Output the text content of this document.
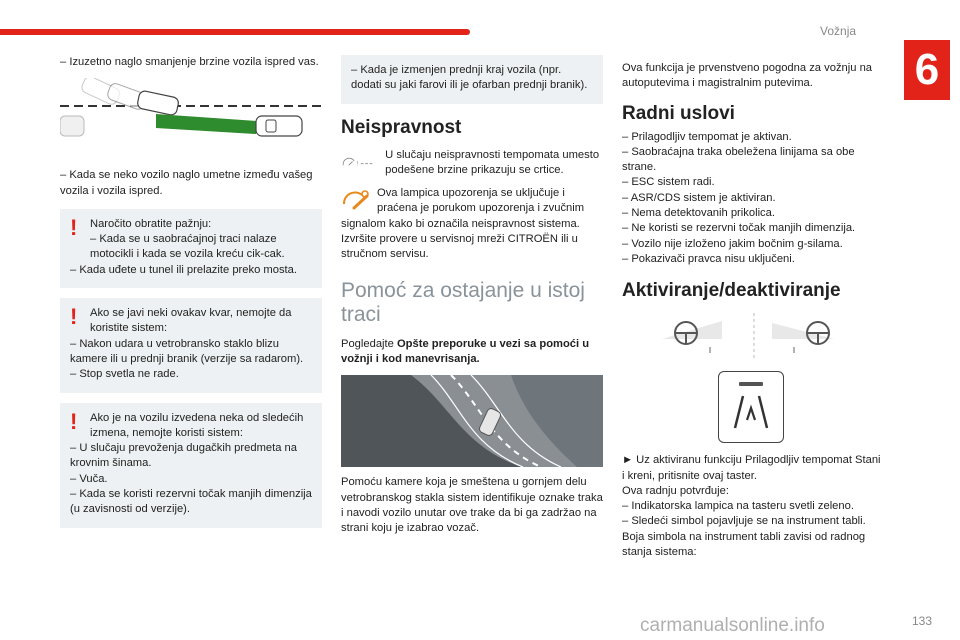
Vožnja
6

– Izuzetno naglo smanjenje brzine vozila ispred vas.

– Kada se neko vozilo naglo umetne između vašeg vozila i vozila ispred.

!	Naročito obratite pažnju:

– Kada se u saobraćajnoj traci nalaze motocikli i kada se vozila kreću cik-cak.

– Kada uđete u tunel ili prelazite preko mosta.

!	Ako se javi neki ovakav kvar, nemojte da koristite sistem:

– Nakon udara u vetrobransko staklo blizu kamere ili u prednji branik (verzije sa radarom).

– Stop svetla ne rade.

!	Ako je na vozilu izvedena neka od sledećih izmena, nemojte koristi sistem:

– U slučaju prevoženja dugačkih predmeta na krovnim šinama.

– Vuča.

– Kada se koristi rezervni točak manjih dimenzija (u zavisnosti od verzije).

– Kada je izmenjen prednji kraj vozila (npr. dodati su jaki farovi ili je ofarban prednji branik).

Neispravnost
!

U slučaju neispravnosti tempomata umesto podešene brzine prikazuju se crtice.

Ova lampica upozorenja se uključuje i praćena je porukom upozorenja i zvučnim signalom kako bi označila neispravnost sistema. Izvršite provere u servisnoj mreži CITROËN ili u stručnom servisu.

Pomoć za ostajanje u istoj traci

Pogledajte Opšte preporuke u vezi sa pomoći u vožnji i kod manevrisanja.

Pomoću kamere koja je smeštena u gornjem delu vetrobranskog stakla sistem identifikuje oznake traka i navodi vozilo unutar ove trake da bi ga zadržao na strani koju je izabrao vozač.

Ova funkcija je prvenstveno pogodna za vožnju na autoputevima i magistralnim putevima.

Radni uslovi

– Prilagodljiv tempomat je aktivan.

– Saobraćajna traka obeležena linijama sa obe strane.

– ESC sistem radi.

– ASR/CDS sistem je aktiviran.

– Nema detektovanih prikolica.

– Ne koristi se rezervni točak manjih dimenzija.

– Vozilo nije izloženo jakim bočnim g-silama.

– Pokazivači pravca nisu uključeni.

Aktiviranje/deaktiviranje

► Uz aktiviranu funkciju Prilagodljiv tempomat Stani i kreni, pritisnite ovaj taster.

Ova radnju potvrđuje:

– Indikatorska lampica na tasteru svetli zeleno.

– Sledeći simbol pojavljuje se na instrument tabli.

Boja simbola na instrument tabli zavisi od radnog stanja sistema:

carmanualsonline.info	133
